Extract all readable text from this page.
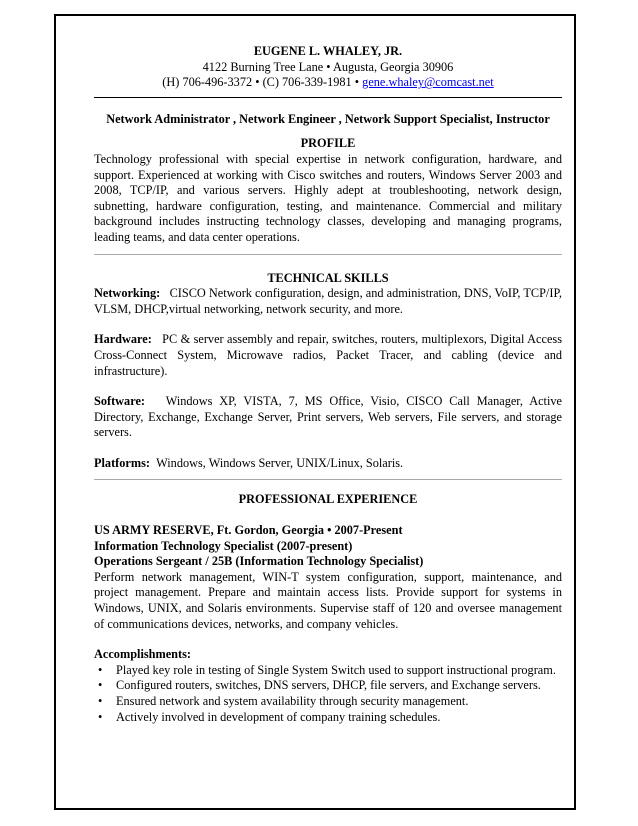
EUGENE L. WHALEY, JR.

4122 Burning Tree Lane • Augusta, Georgia 30906

(H) 706-496-3372 • (C) 706-339-1981 • gene.whaley@comcast.net

Network Administrator , Network Engineer , Network Support Specialist, Instructor

PROFILE

Technology professional with special expertise in network configuration, hardware, and support. Experienced at working with Cisco switches and routers, Windows Server 2003 and 2008, TCP/IP, and various servers. Highly adept at troubleshooting, network design, subnetting, hardware configuration, testing, and maintenance. Commercial and military background includes instructing technology classes, developing and managing programs, leading teams, and data center operations.

TECHNICAL SKILLS

Networking: CISCO Network configuration, design, and administration, DNS, VoIP, TCP/IP, VLSM, DHCP,virtual networking, network security, and more.

Hardware: PC & server assembly and repair, switches, routers, multiplexors, Digital Access Cross-Connect System, Microwave radios, Packet Tracer, and cabling (device and infrastructure).

Software: Windows XP, VISTA, 7, MS Office, Visio, CISCO Call Manager, Active Directory, Exchange, Exchange Server, Print servers, Web servers, File servers, and storage servers.

Platforms: Windows, Windows Server, UNIX/Linux, Solaris.

PROFESSIONAL EXPERIENCE

US ARMY RESERVE, Ft. Gordon, Georgia • 2007-Present

Information Technology Specialist (2007-present)

Operations Sergeant / 25B (Information Technology Specialist)

Perform network management, WIN-T system configuration, support, maintenance, and project management. Prepare and maintain access lists. Provide support for systems in Windows, UNIX, and Solaris environments. Supervise staff of 120 and oversee management of communications devices, networks, and company vehicles.

Accomplishments:

• Played key role in testing of Single System Switch used to support instructional program.
• Configured routers, switches, DNS servers, DHCP, file servers, and Exchange servers.
• Ensured network and system availability through security management.
• Actively involved in development of company training schedules.
